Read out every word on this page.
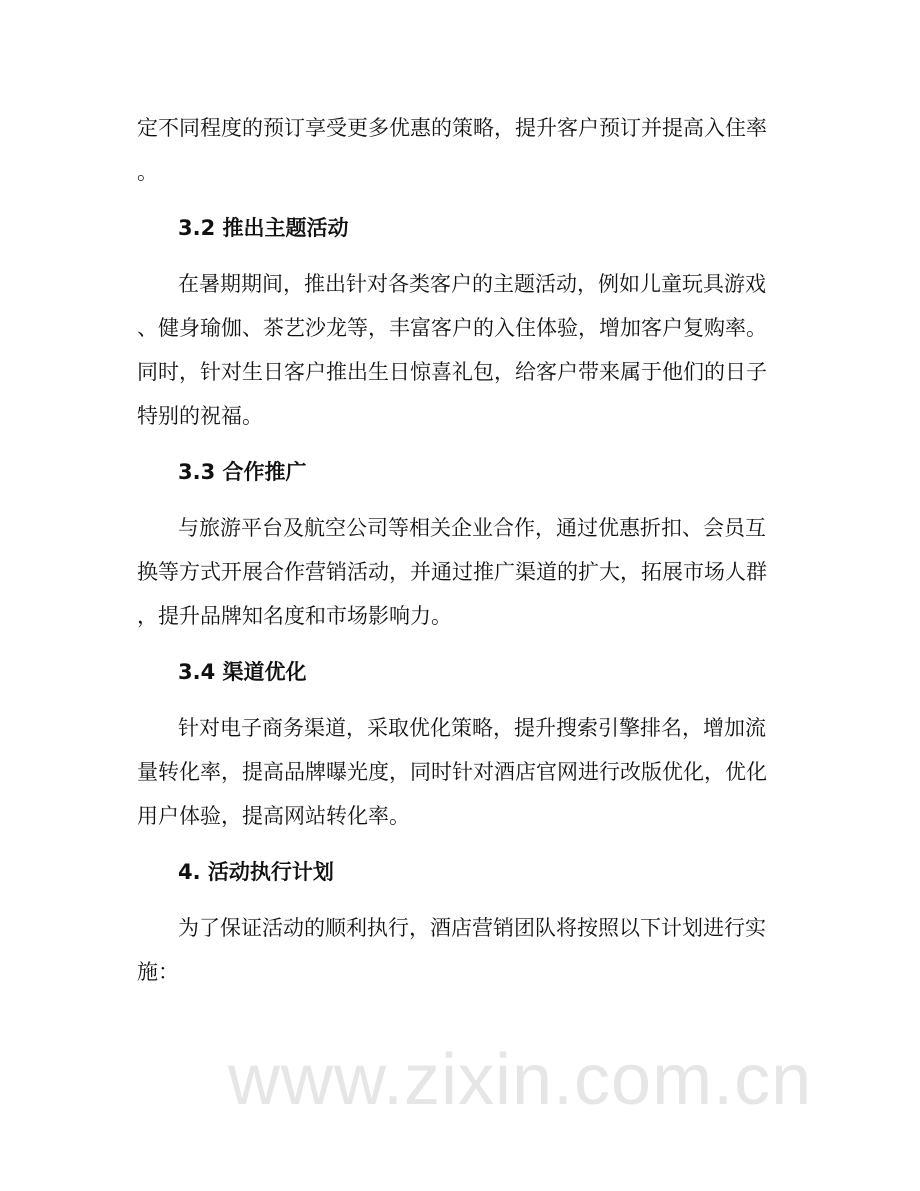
www.zixin.com.cn
定不同程度的预订享受更多优惠的策略，提升客户预订并提高入住率
。
3.2 推出主题活动
在暑期期间，推出针对各类客户的主题活动，例如儿童玩具游戏
、健身瑜伽、茶艺沙龙等，丰富客户的入住体验，增加客户复购率。
同时，针对生日客户推出生日惊喜礼包，给客户带来属于他们的日子
特别的祝福。
3.3 合作推广
与旅游平台及航空公司等相关企业合作，通过优惠折扣、会员互
换等方式开展合作营销活动，并通过推广渠道的扩大，拓展市场人群
，提升品牌知名度和市场影响力。
3.4 渠道优化
针对电子商务渠道，采取优化策略，提升搜索引擎排名，增加流
量转化率，提高品牌曝光度，同时针对酒店官网进行改版优化，优化
用户体验，提高网站转化率。
4. 活动执行计划
为了保证活动的顺利执行，酒店营销团队将按照以下计划进行实
施：
